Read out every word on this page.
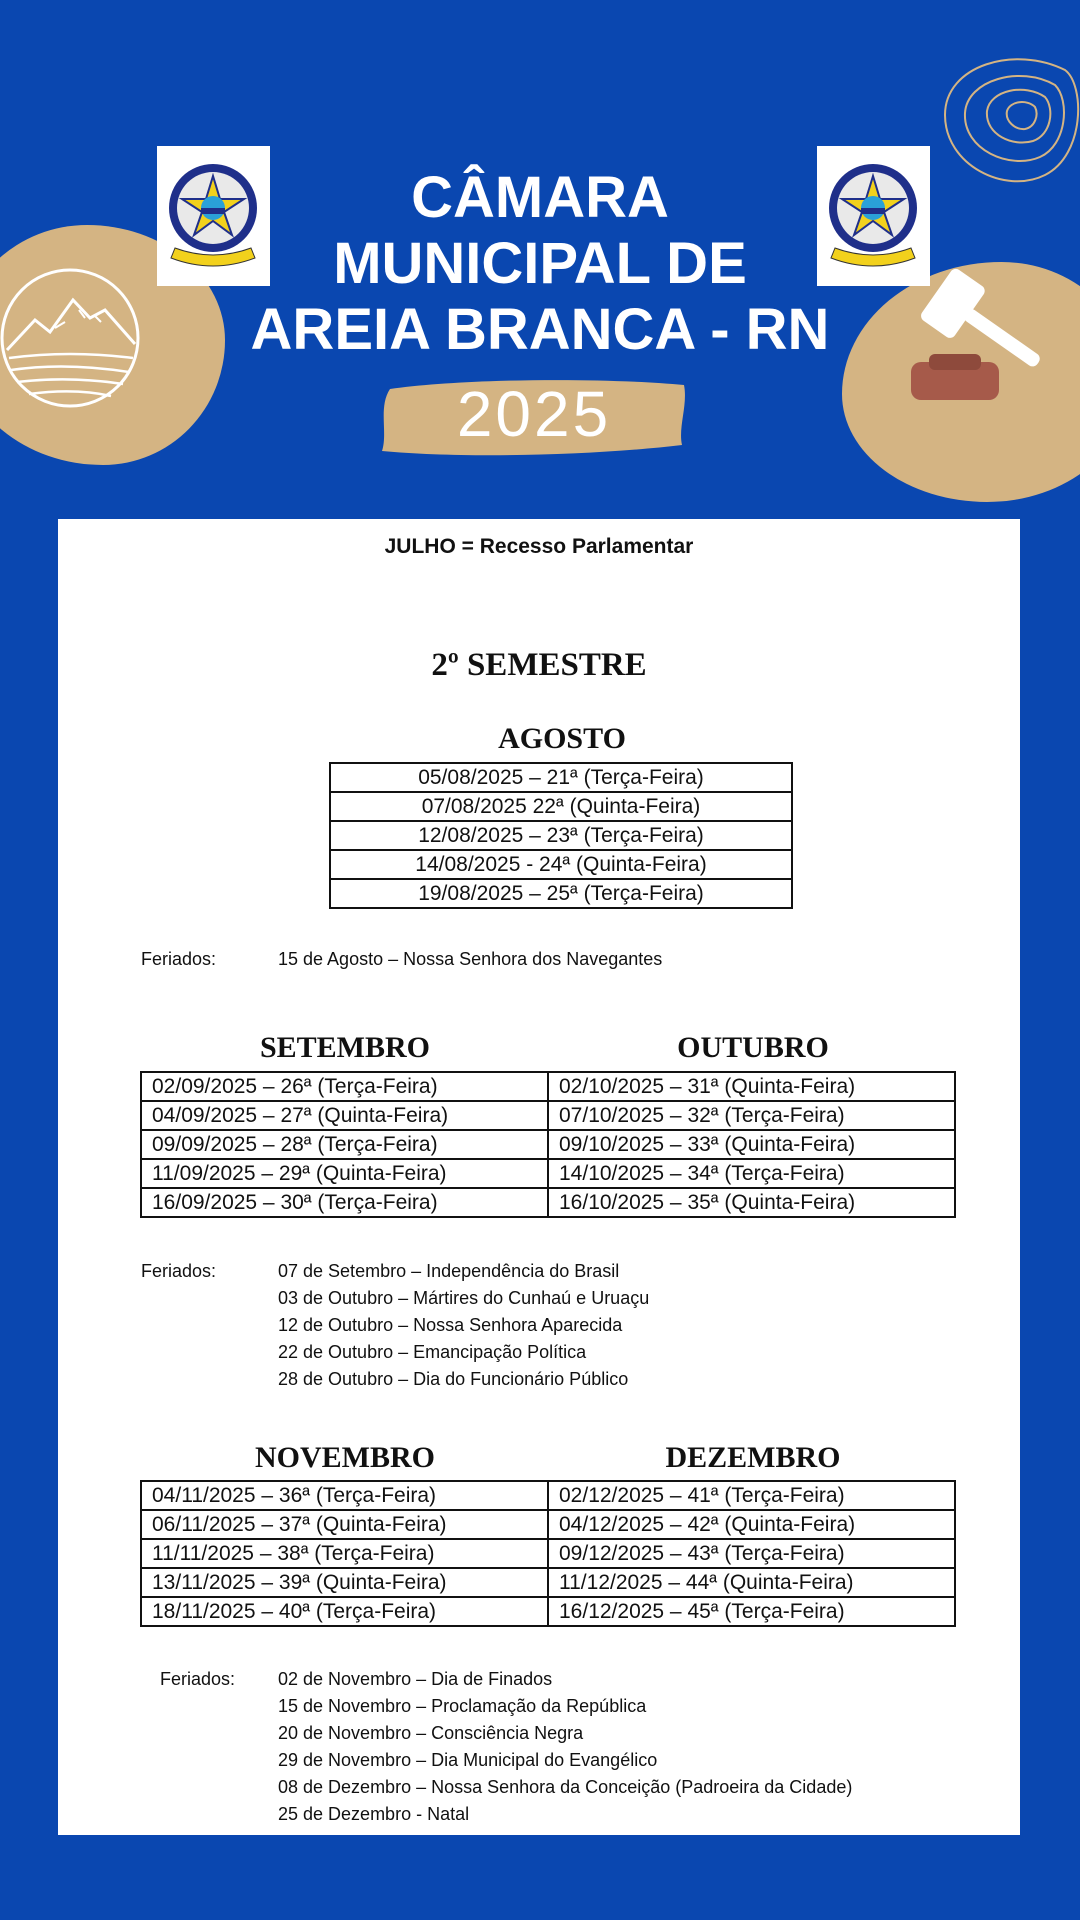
CÂMARA
MUNICIPAL DE
AREIA BRANCA - RN
2025
JULHO = Recesso Parlamentar
2º SEMESTRE
AGOSTO
05/08/2025 – 21ª (Terça-Feira)
07/08/2025 22ª (Quinta-Feira)
12/08/2025 – 23ª (Terça-Feira)
14/08/2025 - 24ª (Quinta-Feira)
19/08/2025 – 25ª (Terça-Feira)
Feriados:	15 de Agosto – Nossa Senhora dos Navegantes
SETEMBRO	OUTUBRO
02/09/2025 – 26ª (Terça-Feira)	02/10/2025 – 31ª (Quinta-Feira)
04/09/2025 – 27ª (Quinta-Feira)	07/10/2025 – 32ª (Terça-Feira)
09/09/2025 – 28ª (Terça-Feira)	09/10/2025 – 33ª (Quinta-Feira)
11/09/2025 – 29ª (Quinta-Feira)	14/10/2025 – 34ª (Terça-Feira)
16/09/2025 – 30ª (Terça-Feira)	16/10/2025 – 35ª (Quinta-Feira)
Feriados:	07 de Setembro – Independência do Brasil
03 de Outubro – Mártires do Cunhaú e Uruaçu
12 de Outubro – Nossa Senhora Aparecida
22 de Outubro – Emancipação Política
28 de Outubro – Dia do Funcionário Público
NOVEMBRO	DEZEMBRO
04/11/2025 – 36ª (Terça-Feira)	02/12/2025 – 41ª (Terça-Feira)
06/11/2025 – 37ª (Quinta-Feira)	04/12/2025 – 42ª (Quinta-Feira)
11/11/2025 – 38ª (Terça-Feira)	09/12/2025 – 43ª (Terça-Feira)
13/11/2025 – 39ª (Quinta-Feira)	11/12/2025 – 44ª (Quinta-Feira)
18/11/2025 – 40ª (Terça-Feira)	16/12/2025 – 45ª (Terça-Feira)
Feriados: 02 de Novembro – Dia de Finados
15 de Novembro – Proclamação da República
20 de Novembro – Consciência Negra
29 de Novembro – Dia Municipal do Evangélico
08 de Dezembro – Nossa Senhora da Conceição (Padroeira da Cidade)
25 de Dezembro - Natal
